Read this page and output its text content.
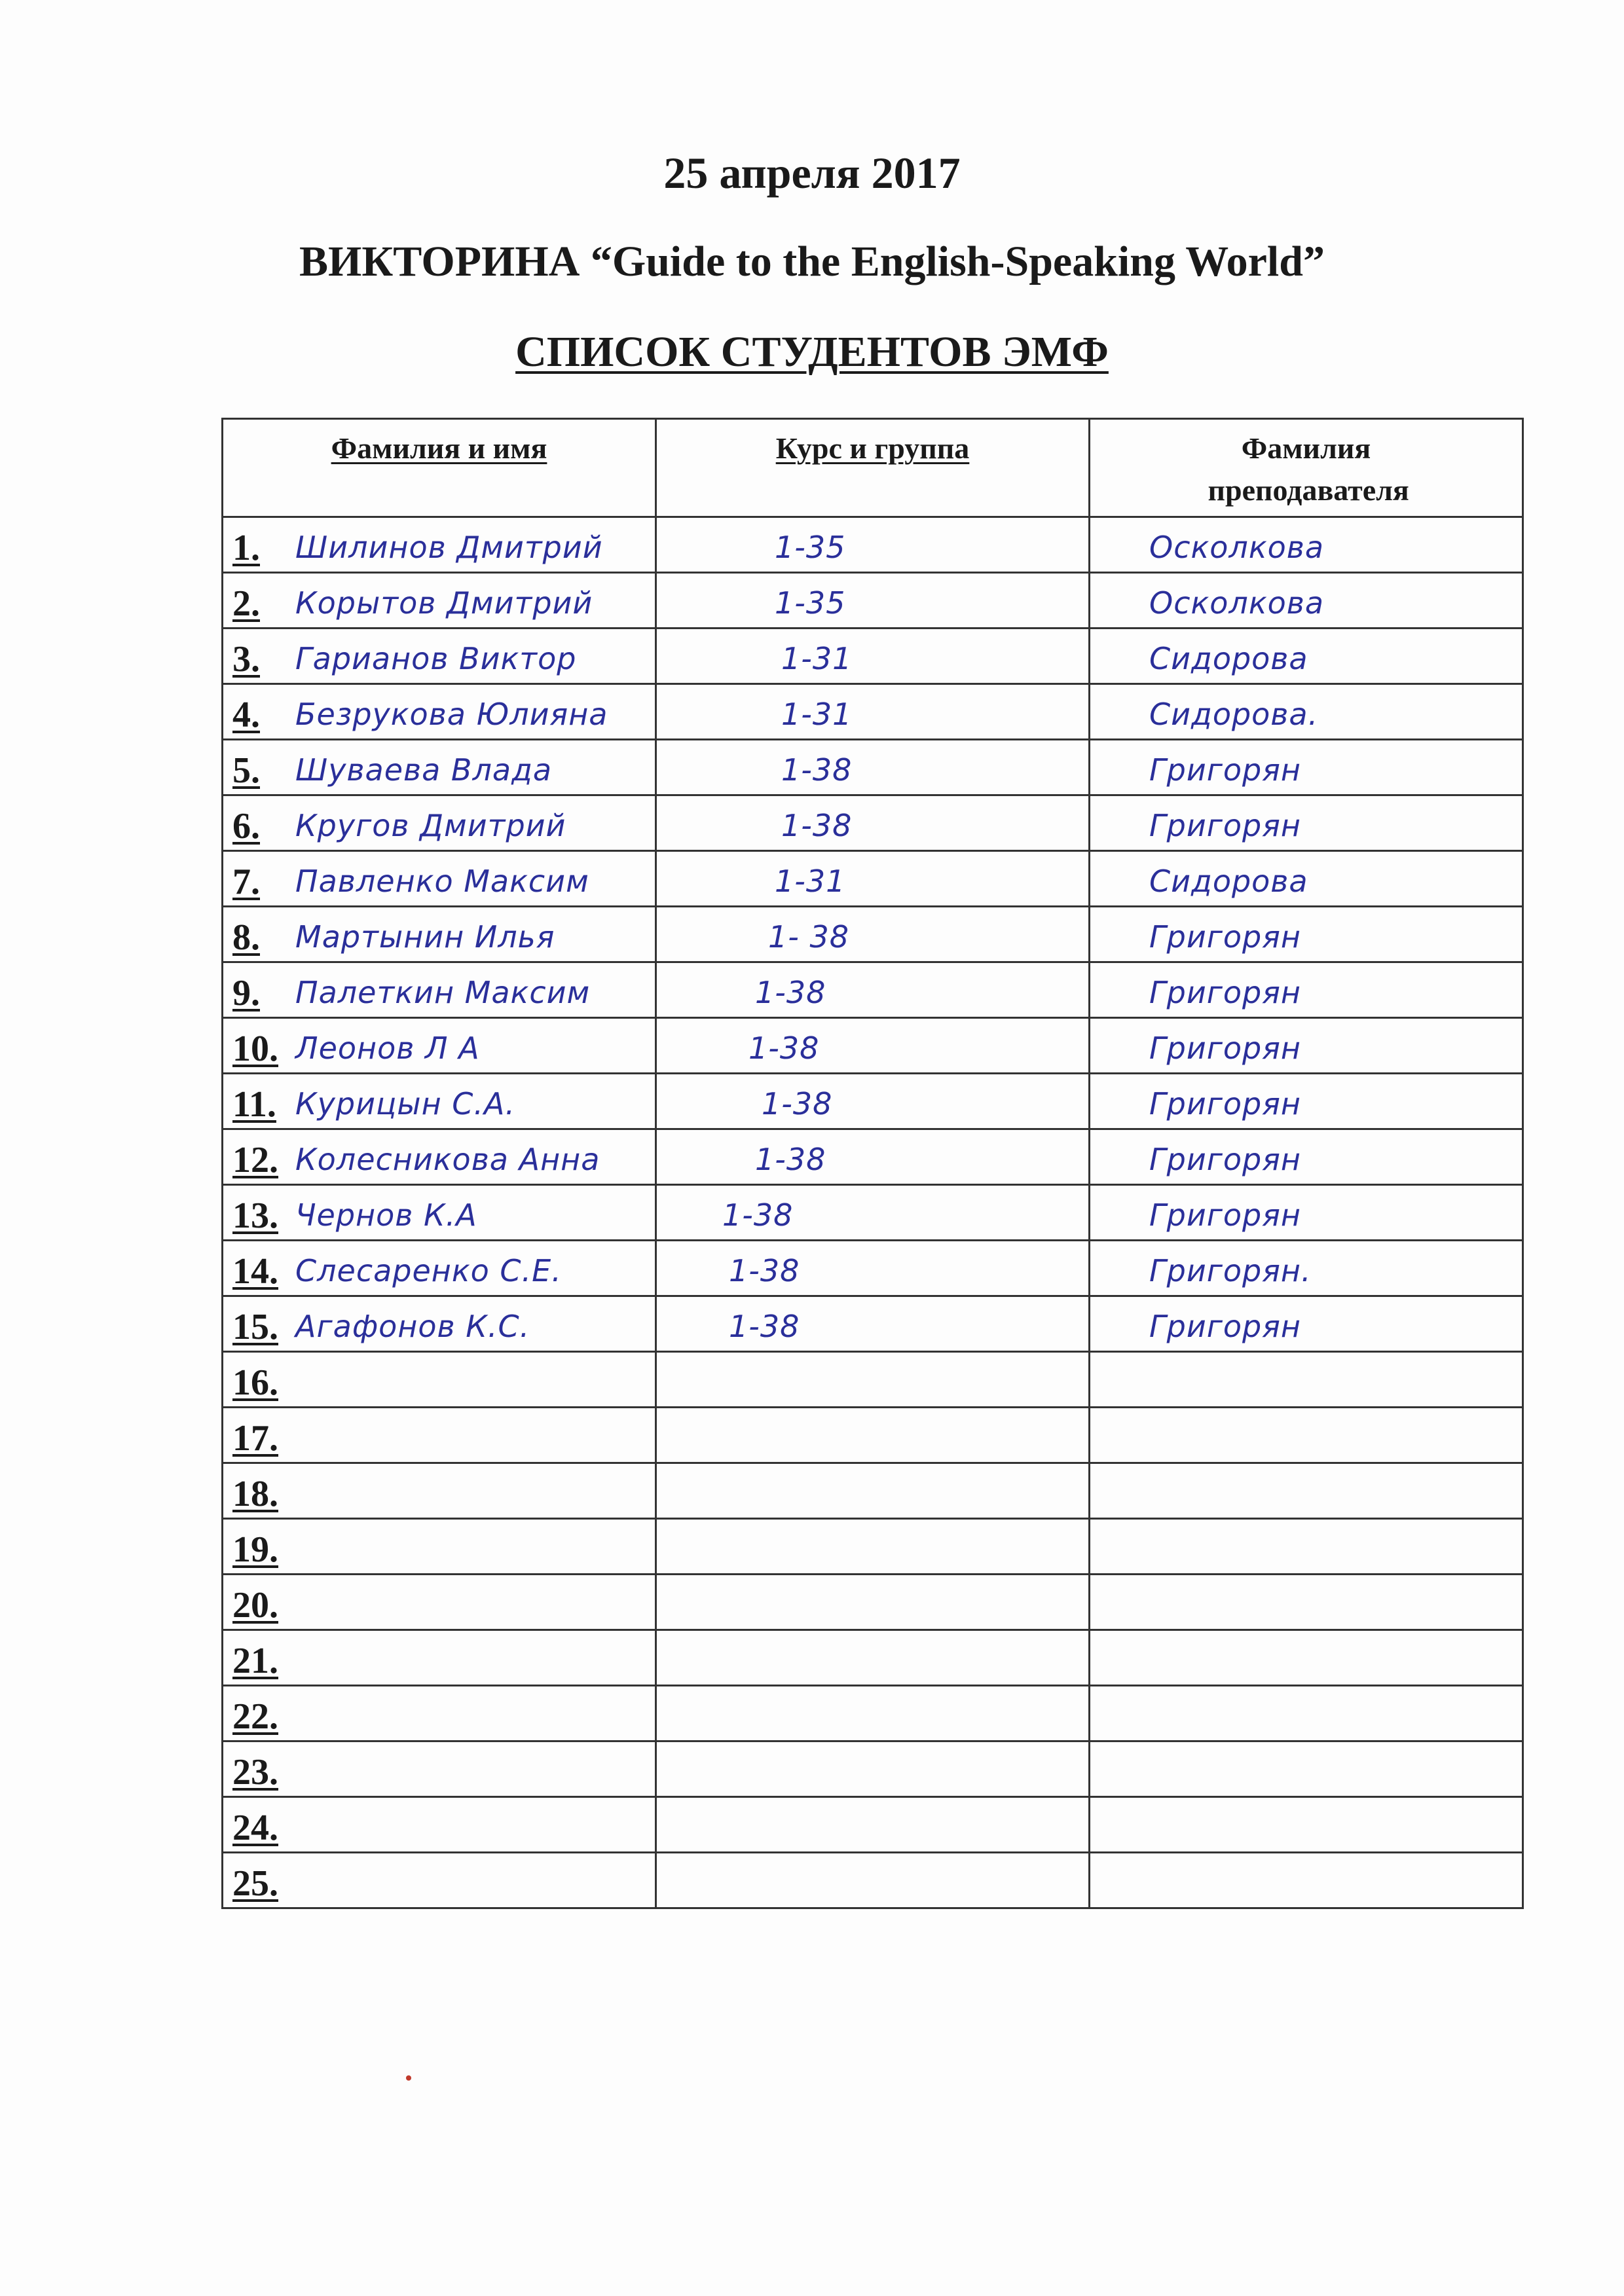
25 апреля 2017
ВИКТОРИНА “Guide to the English-Speaking World”
СПИСОК СТУДЕНТОВ ЭМФ
Фамилия и имя	Курс и группа	Фамилия преподавателя

1. Шилинов Дмитрий	1-35	Осколкова

2. Корытов Дмитрий	1-35	Осколкова

3. Гарианов Виктор	1-31	Сидорова

4. Безрукова Юлияна	1-31	Сидорова.

5. Шуваева Влада	1-38	Григорян

6. Кругов Дмитрий	1-38	Григорян

7. Павленко Максим	1-31	Сидорова

8. Мартынин Илья	1- 38	Григорян

9. Палеткин Максим	1-38	Григорян

10. Леонов Л А	1-38	Григорян

11. Курицын С.А.	1-38	Григорян

12. Колесникова Анна	1-38	Григорян

13. Чернов К.А	1-38	Григорян

14. Слесаренко С.Е.	1-38	Григорян.

15. Агафонов К.С.	1-38	Григорян

16.		

17.		

18.		

19.		

20.		

21.		

22.		

23.		

24.		

25.		
